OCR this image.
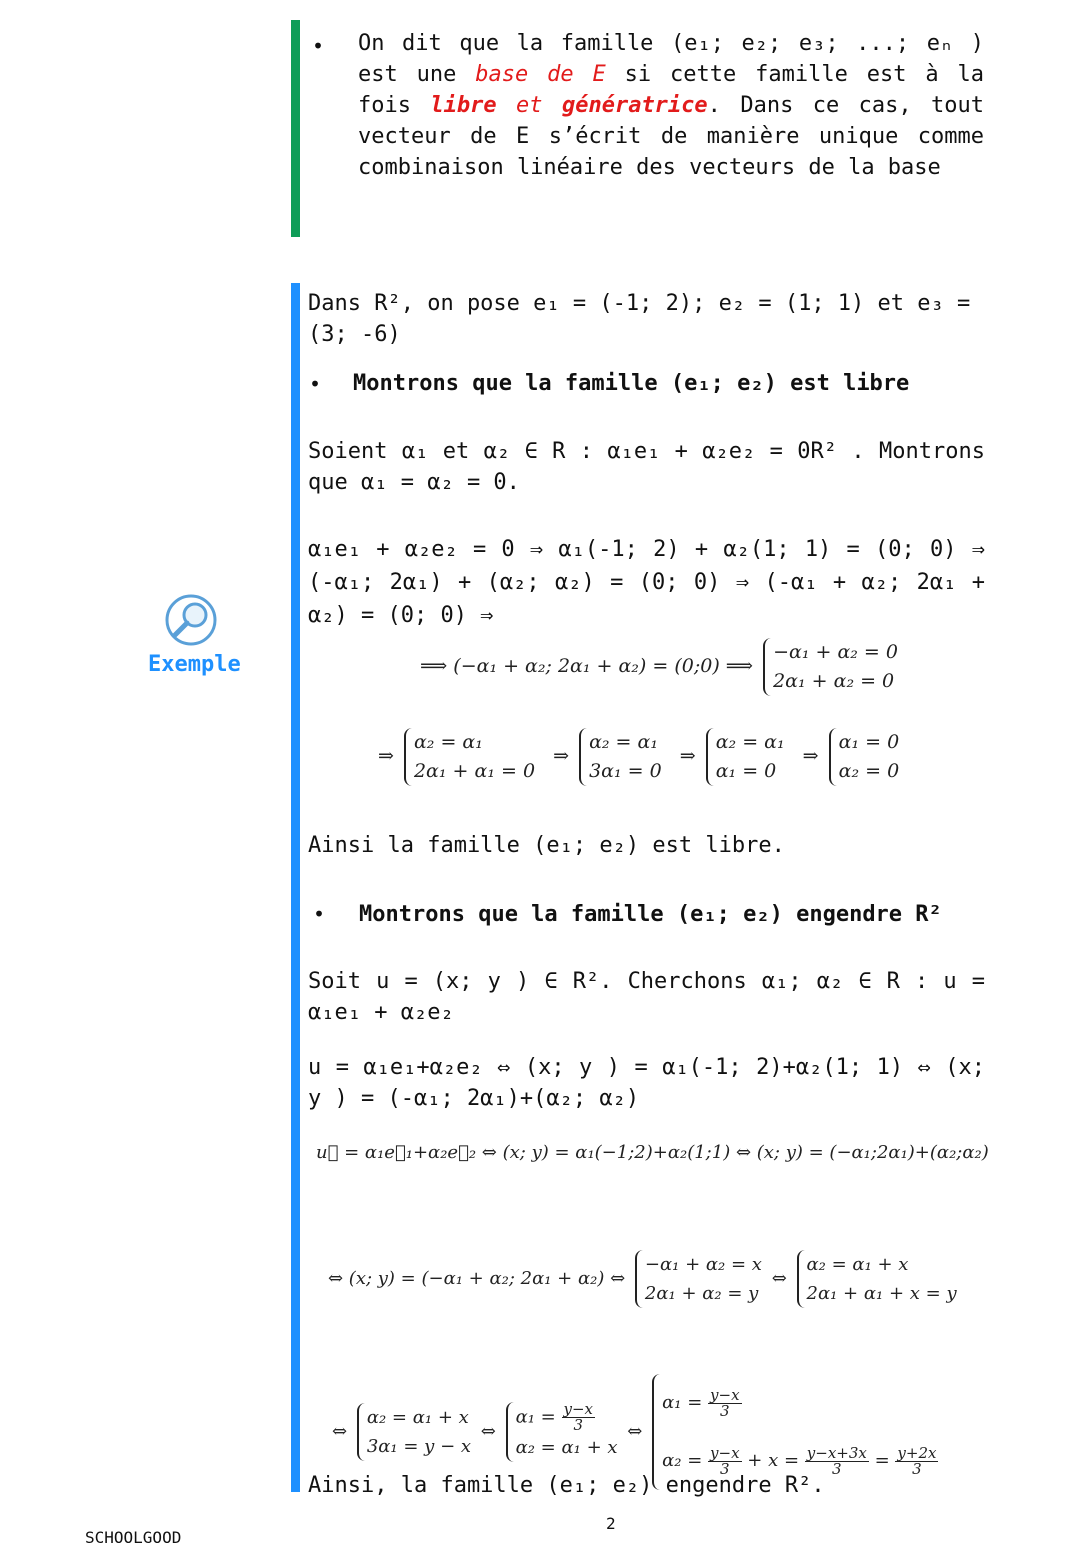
• On dit que la famille (e₁; e₂; e₃; ...; eₙ ) est une base de E si cette famille est à la fois libre et génératrice. Dans ce cas, tout vecteur de E s’écrit de manière unique comme combinaison linéaire des vecteurs de la base
Exemple
Dans R², on pose e₁ = (-1; 2); e₂ = (1; 1) et e₃ = (3; -6)
• Montrons que la famille (e₁; e₂) est libre
Soient α₁ et α₂ ∈ R : α₁e₁ + α₂e₂ = 0R² . Montrons que α₁ = α₂ = 0.
α₁e₁ + α₂e₂ = 0 ⇒ α₁(-1; 2) + α₂(1; 1) = (0; 0) ⇒ (-α₁; 2α₁) + (α₂; α₂) = (0; 0) ⇒ (-α₁ + α₂; 2α₁ + α₂) = (0; 0) ⇒
⟹ (−α₁ + α₂; 2α₁ + α₂) = (0;0) ⟹
−α₁ + α₂ = 0
2α₁ + α₂ = 0
⇒
α₂ = α₁
2α₁ + α₁ = 0
⇒
α₂ = α₁
3α₁ = 0
⇒
α₂ = α₁
α₁ = 0
⇒
α₁ = 0
α₂ = 0
Ainsi la famille (e₁; e₂) est libre.
• Montrons que la famille (e₁; e₂) engendre R²
Soit u = (x; y ) ∈ R². Cherchons α₁; α₂ ∈ R : u = α₁e₁ + α₂e₂
u = α₁e₁+α₂e₂ ⇔ (x; y ) = α₁(-1; 2)+α₂(1; 1) ⇔ (x; y ) = (-α₁; 2α₁)+(α₂; α₂)
u⃗ = α₁e⃗₁+α₂e⃗₂ ⇔ (x; y) = α₁(−1;2)+α₂(1;1) ⇔ (x; y) = (−α₁;2α₁)+(α₂;α₂)
⇔ (x; y) = (−α₁ + α₂; 2α₁ + α₂) ⇔
−α₁ + α₂ = x
2α₁ + α₂ = y
⇔
α₂ = α₁ + x
2α₁ + α₁ + x = y
⇔
α₂ = α₁ + x
3α₁ = y − x
⇔
$\alpha_1 = \frac{y-x}{3}$
α₂ = α₁ + x
⇔
$\alpha_1 = \frac{y-x}{3}$
$\alpha_2 = \frac{y-x}{3} + x = \frac{y-x+3x}{3} = \frac{y+2x}{3}$
Ainsi, la famille (e₁; e₂) engendre R².
2
SCHOOLGOOD
